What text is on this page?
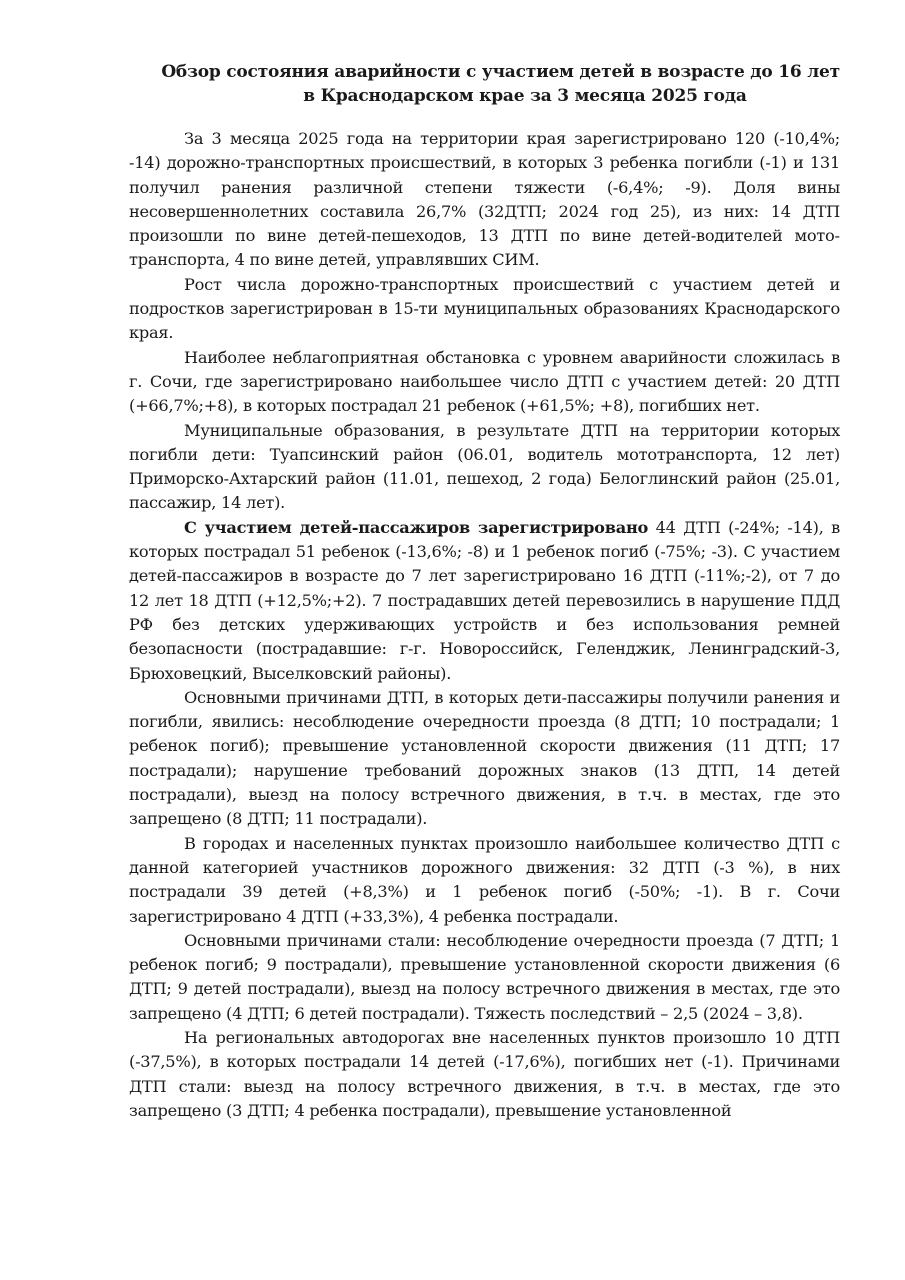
Обзор состояния аварийности с участием детей в возрасте до 16 лет
в Краснодарском крае за 3 месяца 2025 года

За 3 месяца 2025 года на территории края зарегистрировано 120 (-10,4%; -14) дорожно-транспортных происшествий, в которых 3 ребенка погибли (-1) и 131 получил ранения различной степени тяжести (-6,4%; -9). Доля вины несовершеннолетних составила 26,7% (32ДТП; 2024 год 25), из них: 14 ДТП произошли по вине детей-пешеходов, 13 ДТП по вине детей-водителей мототранспорта, 4 по вине детей, управлявших СИМ.

Рост числа дорожно-транспортных происшествий с участием детей и подростков зарегистрирован в 15-ти муниципальных образованиях Краснодарского края.

Наиболее неблагоприятная обстановка с уровнем аварийности сложилась в г. Сочи, где зарегистрировано наибольшее число ДТП с участием детей: 20 ДТП (+66,7%;+8), в которых пострадал 21 ребенок (+61,5%; +8), погибших нет.

Муниципальные образования, в результате ДТП на территории которых погибли дети: Туапсинский район (06.01, водитель мототранспорта, 12 лет) Приморско-Ахтарский район (11.01, пешеход, 2 года) Белоглинский район (25.01, пассажир, 14 лет).

С участием детей-пассажиров зарегистрировано 44 ДТП (-24%; -14), в которых пострадал 51 ребенок (-13,6%; -8) и 1 ребенок погиб (-75%; -3). С участием детей-пассажиров в возрасте до 7 лет зарегистрировано 16 ДТП (-11%;-2), от 7 до 12 лет 18 ДТП (+12,5%;+2). 7 пострадавших детей перевозились в нарушение ПДД РФ без детских удерживающих устройств и без использования ремней безопасности (пострадавшие: г-г. Новороссийск, Геленджик, Ленинградский-3, Брюховецкий, Выселковский районы).

Основными причинами ДТП, в которых дети-пассажиры получили ранения и погибли, явились: несоблюдение очередности проезда (8 ДТП; 10 пострадали; 1 ребенок погиб); превышение установленной скорости движения (11 ДТП; 17 пострадали); нарушение требований дорожных знаков (13 ДТП, 14 детей пострадали), выезд на полосу встречного движения, в т.ч. в местах, где это запрещено (8 ДТП; 11 пострадали).

В городах и населенных пунктах произошло наибольшее количество ДТП с данной категорией участников дорожного движения: 32 ДТП (-3 %), в них пострадали 39 детей (+8,3%) и 1 ребенок погиб (-50%; -1). В г. Сочи зарегистрировано 4 ДТП (+33,3%), 4 ребенка пострадали.

Основными причинами стали: несоблюдение очередности проезда (7 ДТП; 1 ребенок погиб; 9 пострадали), превышение установленной скорости движения (6 ДТП; 9 детей пострадали), выезд на полосу встречного движения в местах, где это запрещено (4 ДТП; 6 детей пострадали). Тяжесть последствий – 2,5 (2024 – 3,8).

На региональных автодорогах вне населенных пунктов произошло 10 ДТП (-37,5%), в которых пострадали 14 детей (-17,6%), погибших нет (-1). Причинами ДТП стали: выезд на полосу встречного движения, в т.ч. в местах, где это запрещено (3 ДТП; 4 ребенка пострадали), превышение установленной
